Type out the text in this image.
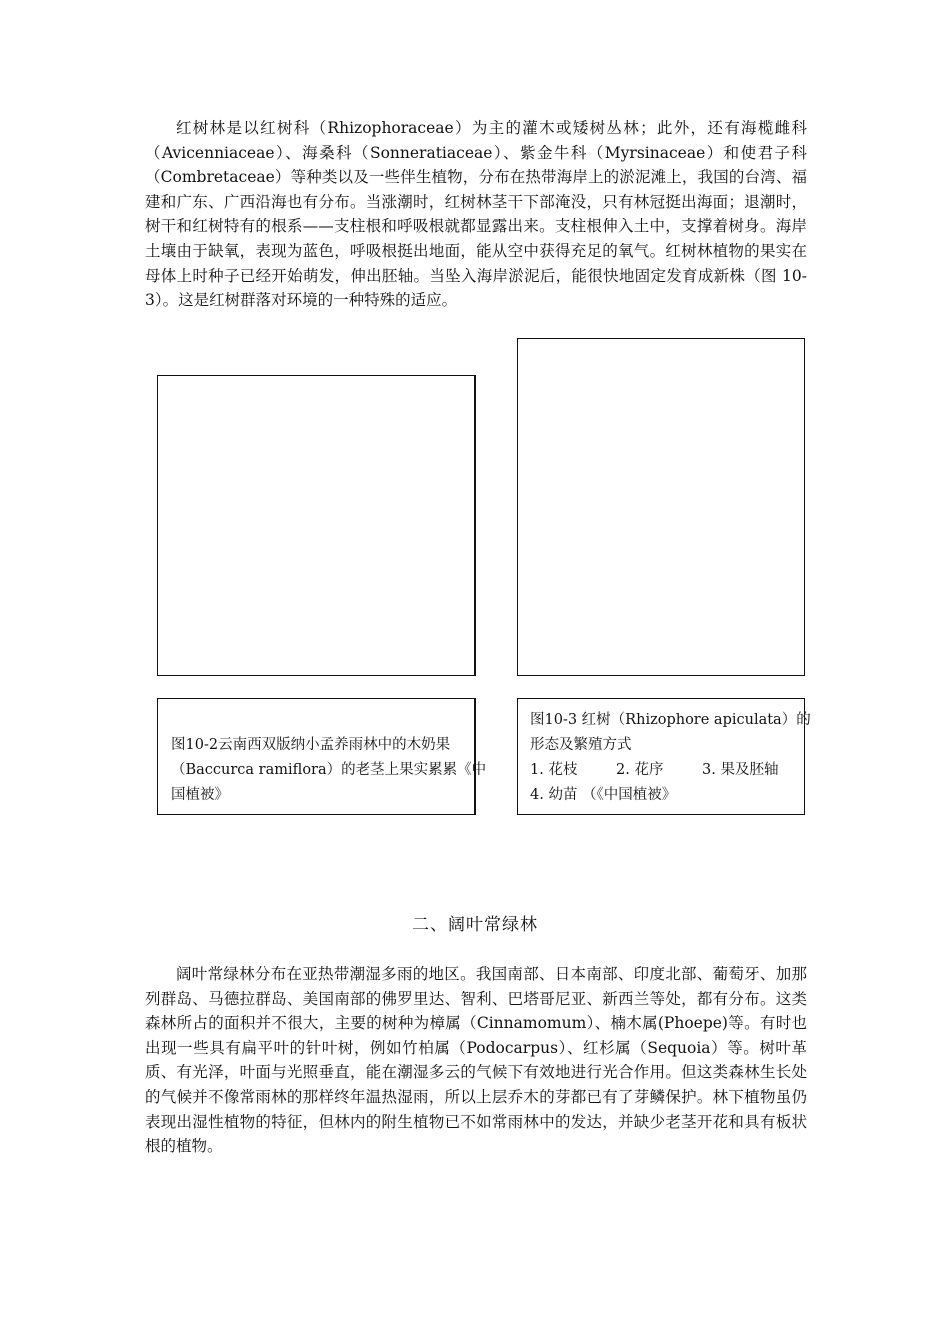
红树林是以红树科（Rhizophoraceae）为主的灌木或矮树丛林；此外，还有海榄雌科（Avicenniaceae）、海桑科（Sonneratiaceae）、紫金牛科（Myrsinaceae）和使君子科（Combretaceae）等种类以及一些伴生植物，分布在热带海岸上的淤泥滩上，我国的台湾、福建和广东、广西沿海也有分布。当涨潮时，红树林茎干下部淹没，只有林冠挺出海面；退潮时，树干和红树特有的根系——支柱根和呼吸根就都显露出来。支柱根伸入土中，支撑着树身。海岸土壤由于缺氧，表现为蓝色，呼吸根挺出地面，能从空中获得充足的氧气。红树林植物的果实在母体上时种子已经开始萌发，伸出胚轴。当坠入海岸淤泥后，能很快地固定发育成新株（图 10-3）。这是红树群落对环境的一种特殊的适应。

图10-2云南西双版纳小孟养雨林中的木奶果
（Baccurca ramiflora）的老茎上果实累累《中
国植被》
图10-3 红树（Rhizophore apiculata）的
形态及繁殖方式
1. 花枝	2. 花序	3. 果及胚轴
4. 幼苗 （《中国植被》
二、阔叶常绿林

阔叶常绿林分布在亚热带潮湿多雨的地区。我国南部、日本南部、印度北部、葡萄牙、加那列群岛、马德拉群岛、美国南部的佛罗里达、智利、巴塔哥尼亚、新西兰等处，都有分布。这类森林所占的面积并不很大，主要的树种为樟属（Cinnamomum）、楠木属(Phoepe)等。有时也出现一些具有扁平叶的针叶树，例如竹柏属（Podocarpus）、红杉属（Sequoia）等。树叶革质、有光泽，叶面与光照垂直，能在潮湿多云的气候下有效地进行光合作用。但这类森林生长处的气候并不像常雨林的那样终年温热湿雨，所以上层乔木的芽都已有了芽鳞保护。林下植物虽仍表现出湿性植物的特征，但林内的附生植物已不如常雨林中的发达，并缺少老茎开花和具有板状根的植物。
